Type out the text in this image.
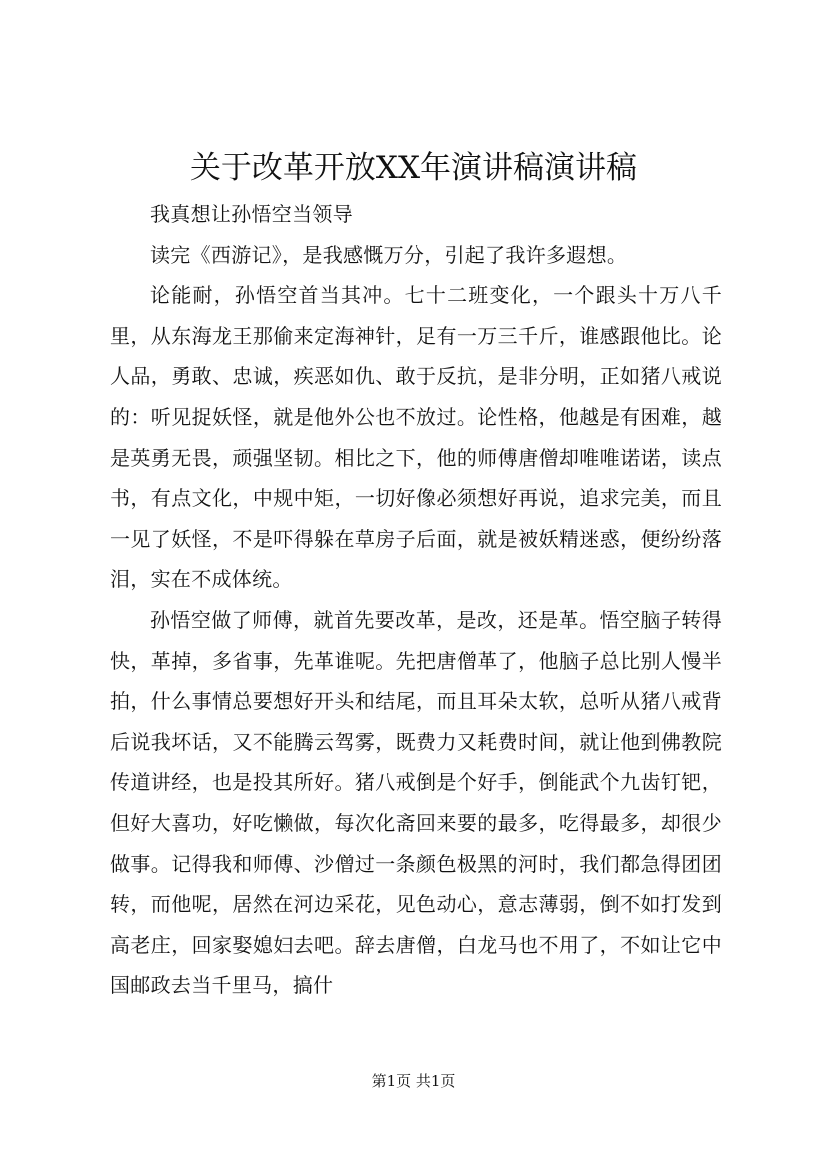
关于改革开放XX年演讲稿演讲稿

我真想让孙悟空当领导

读完《西游记》，是我感慨万分，引起了我许多遐想。

论能耐，孙悟空首当其冲。七十二班变化，一个跟头十万八千里，从东海龙王那偷来定海神针，足有一万三千斤，谁感跟他比。论人品，勇敢、忠诚，疾恶如仇、敢于反抗，是非分明，正如猪八戒说的：听见捉妖怪，就是他外公也不放过。论性格，他越是有困难，越是英勇无畏，顽强坚韧。相比之下，他的师傅唐僧却唯唯诺诺，读点书，有点文化，中规中矩，一切好像必须想好再说，追求完美，而且一见了妖怪，不是吓得躲在草房子后面，就是被妖精迷惑，便纷纷落泪，实在不成体统。

孙悟空做了师傅，就首先要改革，是改，还是革。悟空脑子转得快，革掉，多省事，先革谁呢。先把唐僧革了，他脑子总比别人慢半拍，什么事情总要想好开头和结尾，而且耳朵太软，总听从猪八戒背后说我坏话，又不能腾云驾雾，既费力又耗费时间，就让他到佛教院传道讲经，也是投其所好。猪八戒倒是个好手，倒能武个九齿钉钯，但好大喜功，好吃懒做，每次化斋回来要的最多，吃得最多，却很少做事。记得我和师傅、沙僧过一条颜色极黑的河时，我们都急得团团转，而他呢，居然在河边采花，见色动心，意志薄弱，倒不如打发到高老庄，回家娶媳妇去吧。辞去唐僧，白龙马也不用了，不如让它中国邮政去当千里马，搞什

第1页 共1页
